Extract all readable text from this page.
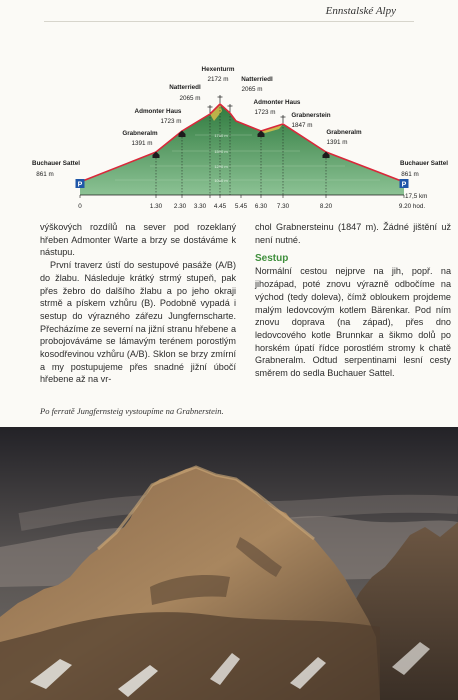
Ennstalské Alpy

1750 m
1500 m
1250 m
1000 m
P	P
Buchauer Sattel
861 m
Grabneralm
1391 m
Admonter Haus
1723 m
Natterriedl
2065 m
Hexenturm
2172 m Natterriedl
2065 m
Admonter Haus
1723 m	Grabnerstein
1847 m
Grabneralm
1391 m
Buchauer Sattel
861 m
0	1.30 2.30 3.30 4.45 5.45 6.30 7.30	8.20
17,5 km
9.20 hod.

výškových rozdílů na sever pod rozeklaný hřeben Admonter Warte a brzy se dostáváme k nástupu.

První traverz ústí do sestupové pasáže (A/B) do žlabu. Následuje krátký strmý stupeň, pak přes žebro do dalšího žlabu a po jeho okraji strmě a pískem vzhůru (B). Podobně vypadá i sestup do výrazného zářezu Jungfernscharte. Přecházíme ze severní na jižní stranu hřebene a probojováváme se lámavým terénem porostlým kosodřevinou vzhůru (A/B). Sklon se brzy zmírní a my postupujeme přes snadné jižní úbočí hřebene až na vr-

chol Grabnersteinu (1847 m). Žádné jištění už není nutné.

Sestup

Normální cestou nejprve na jih, popř. na jihozápad, poté znovu výrazně odbočíme na východ (tedy doleva), čímž obloukem projdeme malým ledovcovým kotlem Bärenkar. Pod ním znovu doprava (na západ), přes dno ledovcového kotle Brunnkar a šikmo dolů po horském úpatí řídce porostlém stromy k chatě Grabneralm. Odtud serpentinami lesní cesty směrem do sedla Buchauer Sattel.

Po ferratě Jungfernsteig vystoupíme na Grabnerstein.
